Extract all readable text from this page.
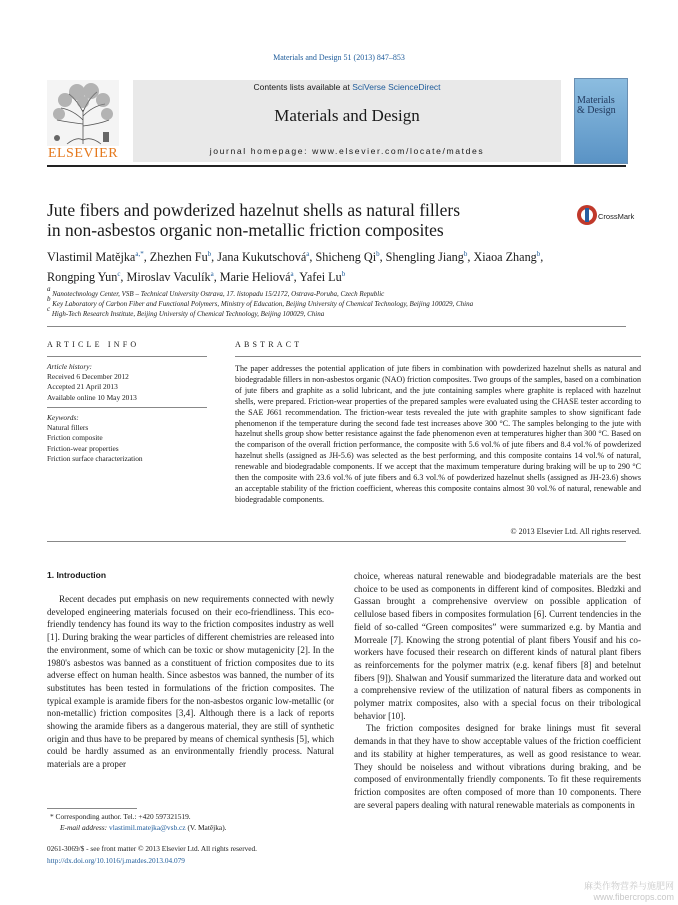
Materials and Design 51 (2013) 847–853
ELSEVIER
Contents lists available at SciVerse ScienceDirect
Materials and Design
journal homepage: www.elsevier.com/locate/matdes
Materials
& Design
Jute fibers and powderized hazelnut shells as natural fillers
in non-asbestos organic non-metallic friction composites
CrossMark
Vlastimil Matějka$^{a,*}$, Zhezhen Fu$^b$, Jana Kukutschová$^a$, Shicheng Qi$^b$, Shengling Jiang$^b$, Xiaoa Zhang$^b$,
Rongping Yun$^c$, Miroslav Vaculík$^a$, Marie Heliová$^a$, Yafei Lu$^b$
$^a$ Nanotechnology Center, VSB – Technical University Ostrava, 17. listopadu 15/2172, Ostrava-Poruba, Czech Republic
$^b$ Key Laboratory of Carbon Fiber and Functional Polymers, Ministry of Education, Beijing University of Chemical Technology, Beijing 100029, China
$^c$ High-Tech Research Institute, Beijing University of Chemical Technology, Beijing 100029, China
ARTICLE INFO
Article history:
Received 6 December 2012
Accepted 21 April 2013
Available online 10 May 2013
Keywords:
Natural fillers
Friction composite
Friction-wear properties
Friction surface characterization
ABSTRACT
The paper addresses the potential application of jute fibers in combination with powderized hazelnut shells as natural and biodegradable fillers in non-asbestos organic (NAO) friction composites. Two groups of the samples, based on a combination of jute fibers and graphite as a solid lubricant, and the jute containing samples where graphite is replaced with hazelnut shells, were prepared. Friction-wear properties of the prepared samples were evaluated using the CHASE tester according to the SAE J661 recommendation. The friction-wear tests revealed the jute with graphite samples to show significant fade phenomenon if the temperature during the second fade test increases above 300 °C. The samples belonging to the jute with hazelnut shells group show better resistance against the fade phenomenon even at temperatures higher than 300 °C. Based on the comparison of the overall friction performance, the composite with 5.6 vol.% of jute fibers and 8.4 vol.% of powderized hazelnut shells (assigned as JH-5.6) was selected as the best performing, and this composite contains 14 vol.% of natural, renewable and biodegradable components. If we accept that the maximum temperature during braking will be up to 290 °C then the composite with 23.6 vol.% of jute fibers and 6.3 vol.% of powderized hazelnut shells (assigned as JH-23.6) shows an acceptable stability of the friction coefficient, whereas this composite contains almost 30 vol.% of natural, renewable and biodegradable components.
© 2013 Elsevier Ltd. All rights reserved.
1. Introduction

Recent decades put emphasis on new requirements connected with newly developed engineering materials focused on their eco-friendliness. This eco-friendly tendency has found its way to the friction composites industry as well [1]. During braking the wear particles of different chemistries are released into the environment, some of which can be toxic or show mutagenicity [2]. In the 1980's asbestos was banned as a constituent of friction composites due to its adverse effect on human health. Since asbestos was banned, the number of its substitutes has been tested in formulations of the friction composites. The typical example is aramide fibers for the non-asbestos organic low-metallic (or non-metallic) friction composites [3,4]. Although there is a lack of reports showing the aramide fibers as a dangerous material, they are still of synthetic origin and thus have to be prepared by means of chemical synthesis [5], which could be hardly assumed as an environmentally friendly process. Natural materials are a proper

choice, whereas natural renewable and biodegradable materials are the best choice to be used as components in different kind of composites. Bledzki and Gassan brought a comprehensive overview on possible application of cellulose based fibers in composites formulation [6]. Current tendencies in the field of so-called “Green composites” were summarized e.g. by Mantia and Morreale [7]. Knowing the strong potential of plant fibers Yousif and his co-workers have focused their research on different kinds of natural plant fibers as reinforcements for the polymer matrix (e.g. kenaf fibers [8] and betelnut fibers [9]). Shalwan and Yousif summarized the literature data and worked out a comprehensive review of the utilization of natural fibers as components in polymer matrix composites, also with a special focus on their tribological behavior [10].

The friction composites designed for brake linings must fit several demands in that they have to show acceptable values of the friction coefficient and its stability at higher temperatures, as well as good resistance to wear. They should be noiseless and without vibrations during braking, and be composed of environmentally friendly components. To fit these requirements friction composites are often composed of more than 10 components. There are several papers dealing with natural renewable materials as components in

* Corresponding author. Tel.: +420 597321519.
E-mail address: vlastimil.matejka@vsb.cz (V. Matějka).
0261-3069/$ - see front matter © 2013 Elsevier Ltd. All rights reserved.
http://dx.doi.org/10.1016/j.matdes.2013.04.079
麻类作物营养与施肥网 www.fibercrops.com
